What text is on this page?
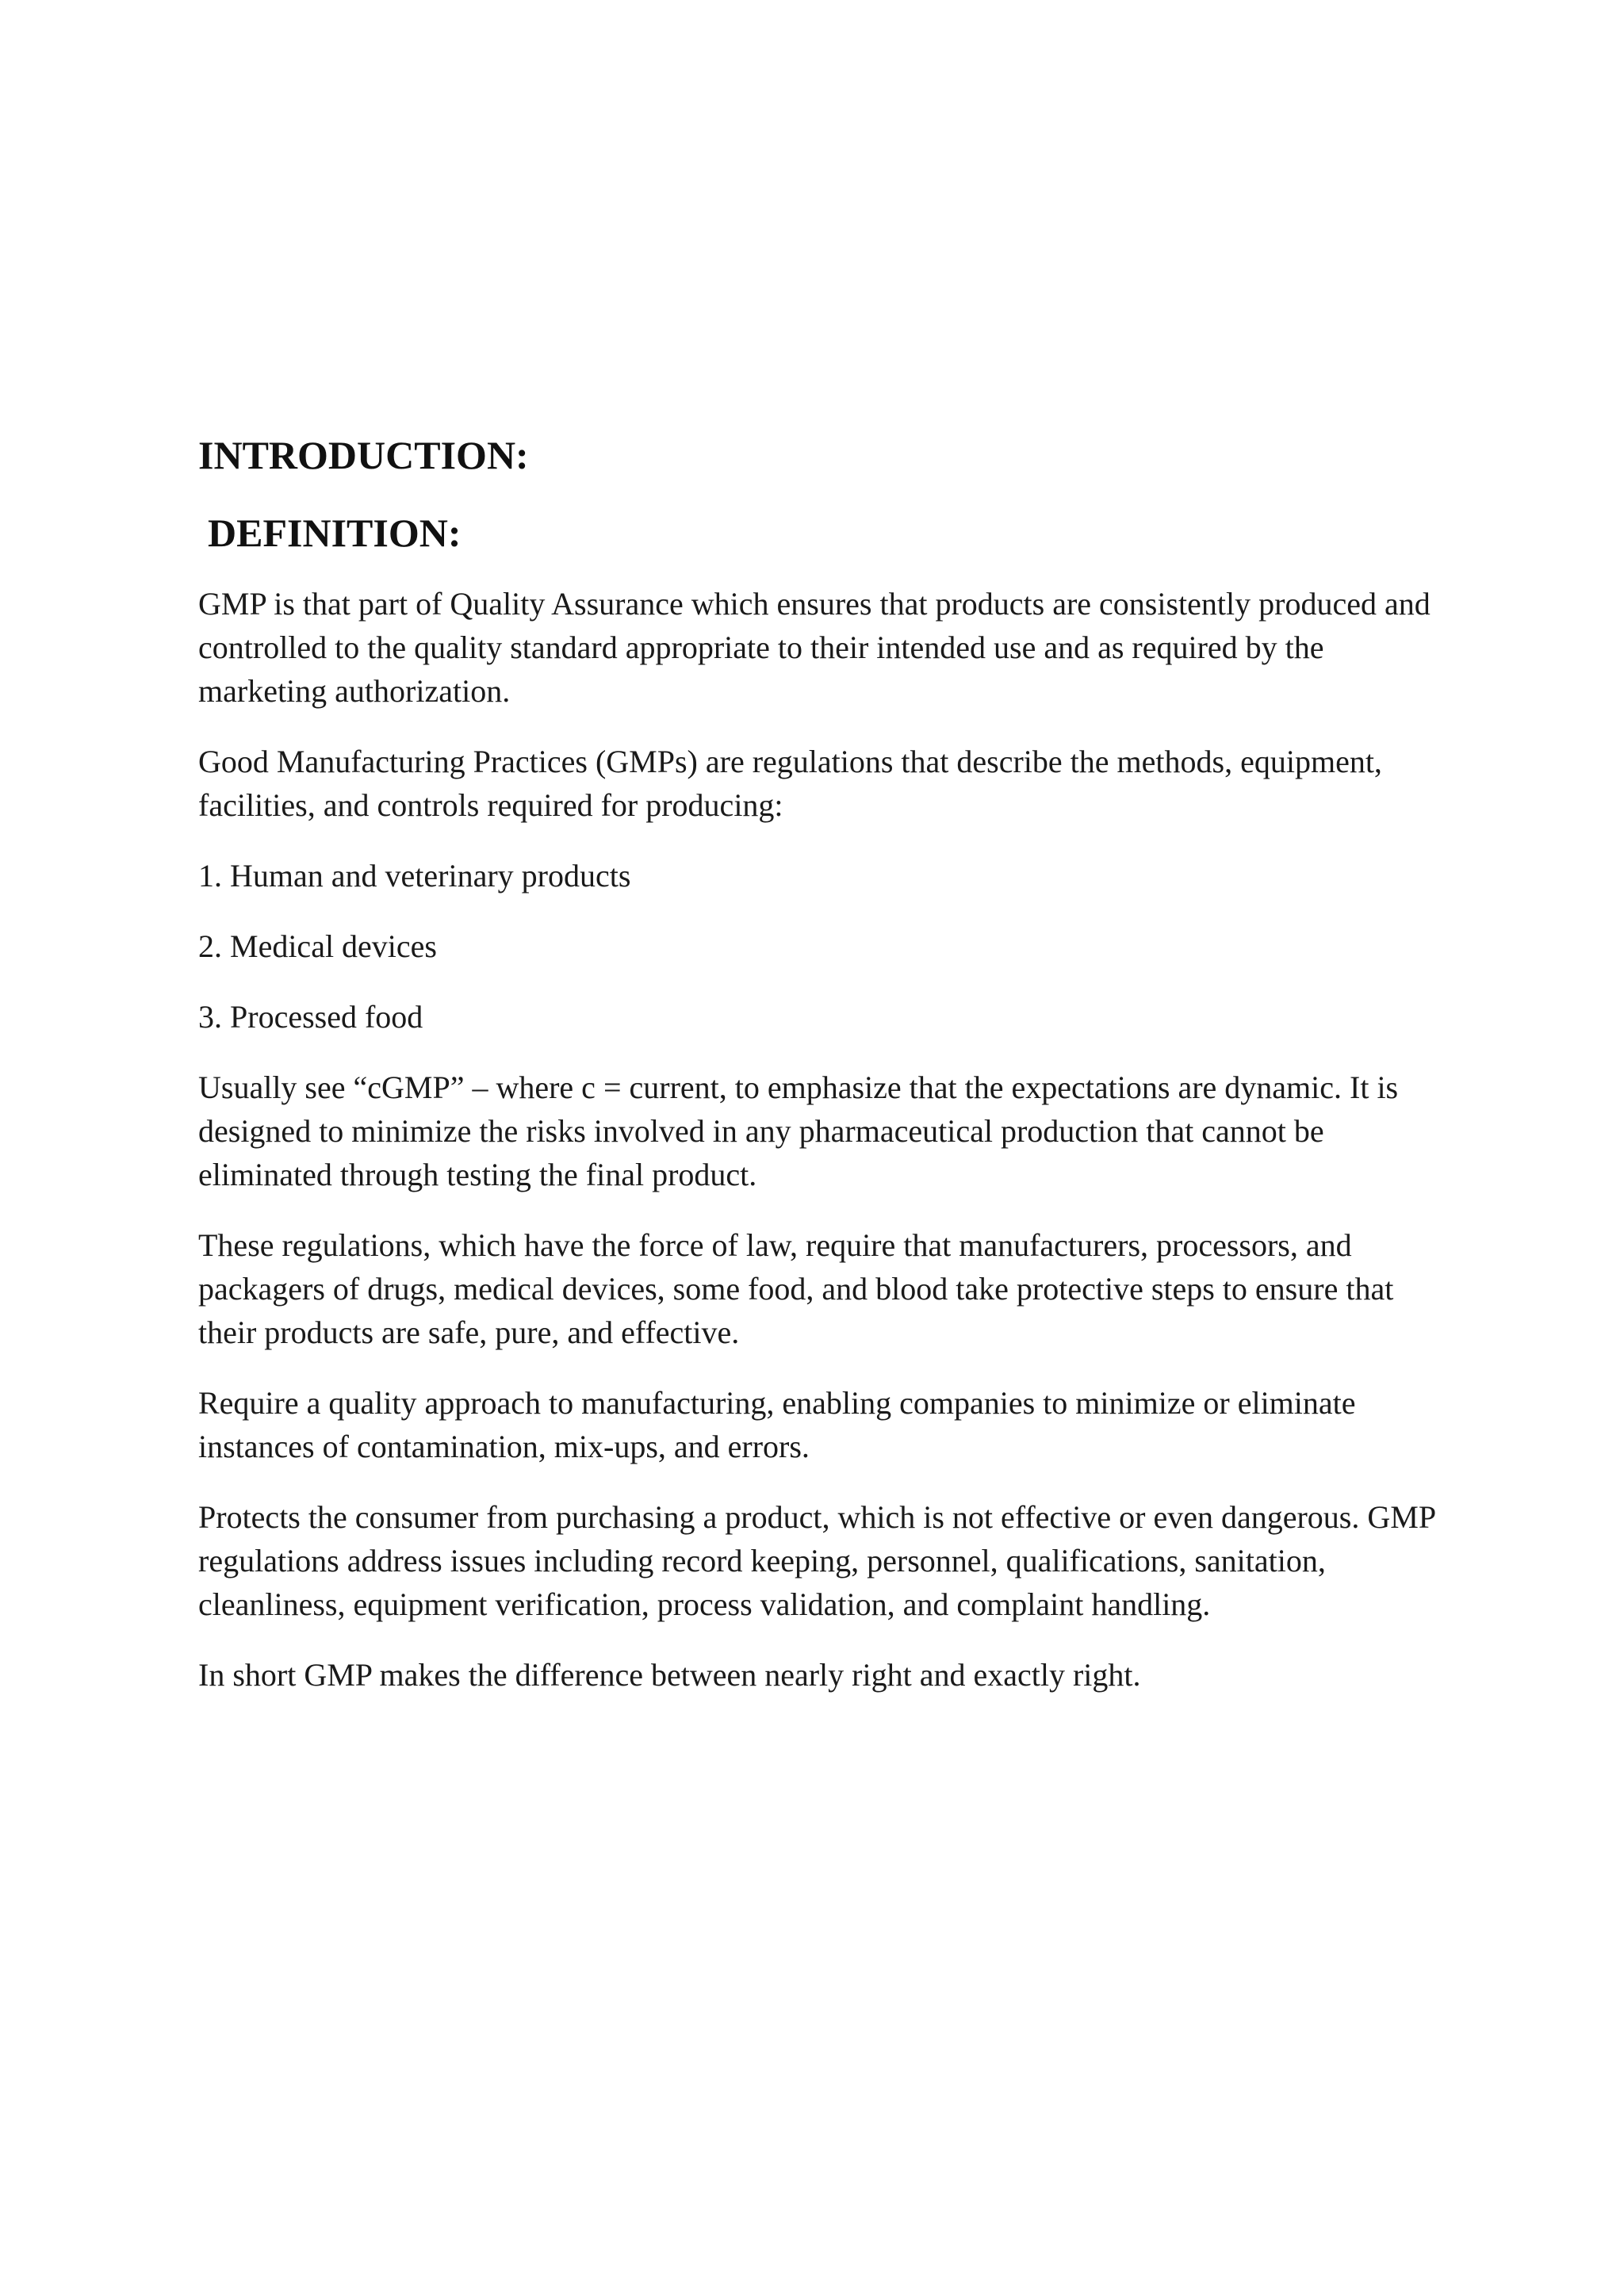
INTRODUCTION:
DEFINITION:

GMP is that part of Quality Assurance which ensures that products are consistently produced and controlled to the quality standard appropriate to their intended use and as required by the marketing authorization.

Good Manufacturing Practices (GMPs) are regulations that describe the methods, equipment, facilities, and controls required for producing:

1. Human and veterinary products

2. Medical devices

3. Processed food

Usually see “cGMP” – where c = current, to emphasize that the expectations are dynamic. It is designed to minimize the risks involved in any pharmaceutical production that cannot be eliminated through testing the final product.

These regulations, which have the force of law, require that manufacturers, processors, and packagers of drugs, medical devices, some food, and blood take protective steps to ensure that their products are safe, pure, and effective.

Require a quality approach to manufacturing, enabling companies to minimize or eliminate instances of contamination, mix-ups, and errors.

Protects the consumer from purchasing a product, which is not effective or even dangerous. GMP regulations address issues including record keeping, personnel, qualifications, sanitation, cleanliness, equipment verification, process validation, and complaint handling.

In short GMP makes the difference between nearly right and exactly right.
